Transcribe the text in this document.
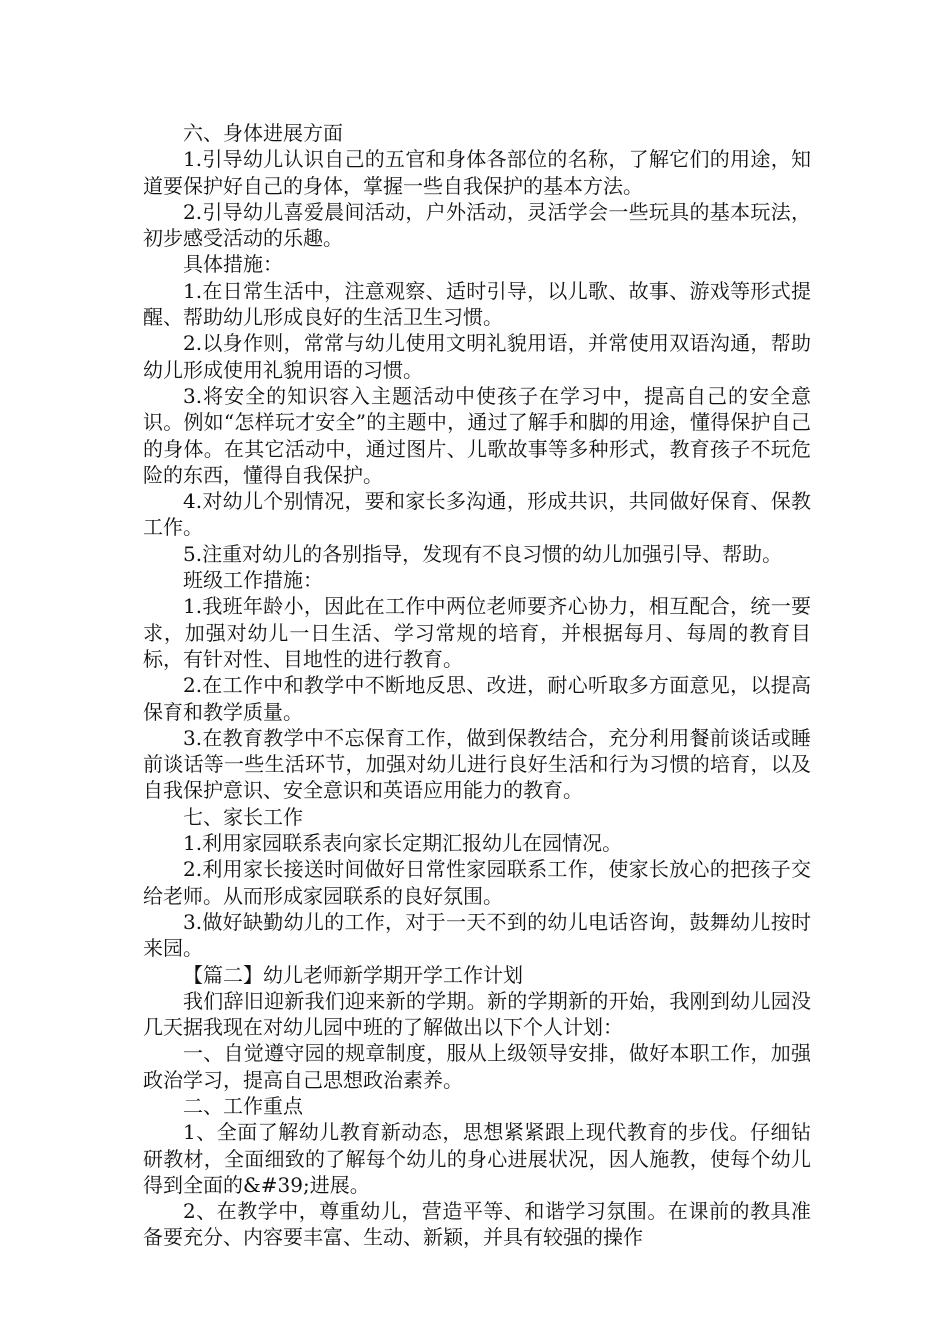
六、身体进展方面

1.引导幼儿认识自己的五官和身体各部位的名称，了解它们的用途，知道要保护好自己的身体，掌握一些自我保护的基本方法。

2.引导幼儿喜爱晨间活动，户外活动，灵活学会一些玩具的基本玩法，初步感受活动的乐趣。

具体措施：

1.在日常生活中，注意观察、适时引导，以儿歌、故事、游戏等形式提醒、帮助幼儿形成良好的生活卫生习惯。

2.以身作则，常常与幼儿使用文明礼貌用语，并常使用双语沟通，帮助幼儿形成使用礼貌用语的习惯。

3.将安全的知识容入主题活动中使孩子在学习中，提高自己的安全意识。例如“怎样玩才安全”的主题中，通过了解手和脚的用途，懂得保护自己的身体。在其它活动中，通过图片、儿歌故事等多种形式，教育孩子不玩危险的东西，懂得自我保护。

4.对幼儿个别情况，要和家长多沟通，形成共识，共同做好保育、保教工作。

5.注重对幼儿的各别指导，发现有不良习惯的幼儿加强引导、帮助。

班级工作措施：

1.我班年龄小，因此在工作中两位老师要齐心协力，相互配合，统一要求，加强对幼儿一日生活、学习常规的培育，并根据每月、每周的教育目标，有针对性、目地性的进行教育。

2.在工作中和教学中不断地反思、改进，耐心听取多方面意见，以提高保育和教学质量。

3.在教育教学中不忘保育工作，做到保教结合，充分利用餐前谈话或睡前谈话等一些生活环节，加强对幼儿进行良好生活和行为习惯的培育，以及自我保护意识、安全意识和英语应用能力的教育。

七、家长工作

1.利用家园联系表向家长定期汇报幼儿在园情况。

2.利用家长接送时间做好日常性家园联系工作，使家长放心的把孩子交给老师。从而形成家园联系的良好氛围。

3.做好缺勤幼儿的工作，对于一天不到的幼儿电话咨询，鼓舞幼儿按时来园。

【篇二】幼儿老师新学期开学工作计划

我们辞旧迎新我们迎来新的学期。新的学期新的开始，我刚到幼儿园没几天据我现在对幼儿园中班的了解做出以下个人计划：

一、自觉遵守园的规章制度，服从上级领导安排，做好本职工作，加强政治学习，提高自己思想政治素养。

二、工作重点

1、全面了解幼儿教育新动态，思想紧紧跟上现代教育的步伐。仔细钻研教材，全面细致的了解每个幼儿的身心进展状况，因人施教，使每个幼儿得到全面的&#39;进展。

2、在教学中，尊重幼儿，营造平等、和谐学习氛围。在课前的教具准备要充分、内容要丰富、生动、新颖，并具有较强的操作
